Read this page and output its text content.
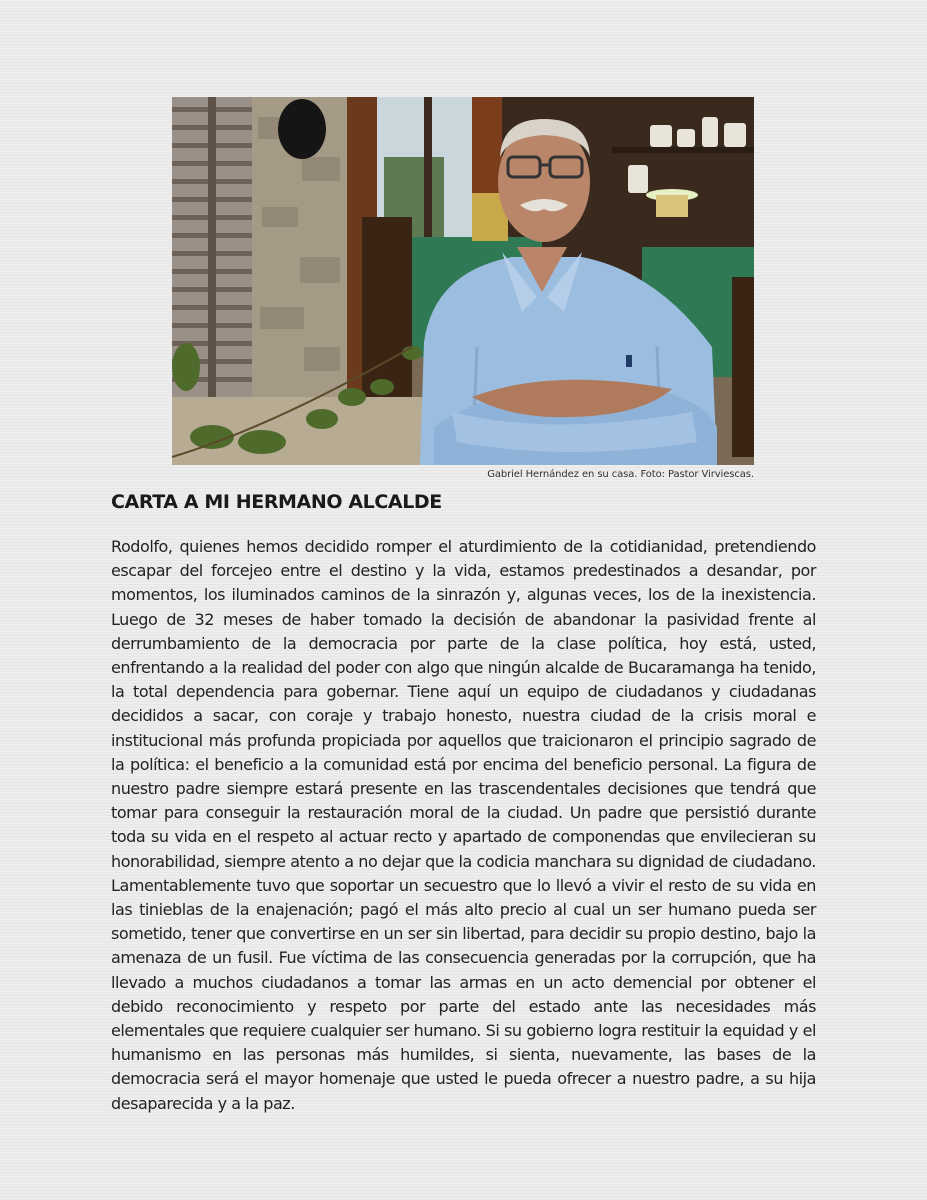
Gabriel Hernández en su casa. Foto: Pastor Virviescas.
CARTA A MI HERMANO ALCALDE

Rodolfo, quienes hemos decidido romper el aturdimiento de la cotidianidad, pretendiendo escapar del forcejeo entre el destino y la vida, estamos predestinados a desandar, por momentos, los iluminados caminos de la sinrazón y, algunas veces, los de la inexistencia. Luego de 32 meses de haber tomado la decisión de abandonar la pasividad frente al derrumbamiento de la democracia por parte de la clase política, hoy está, usted, enfrentando a la realidad del poder con algo que ningún alcalde de Bucaramanga ha tenido, la total dependencia para gobernar. Tiene aquí un equipo de ciudadanos y ciudadanas decididos a sacar, con coraje y trabajo honesto, nuestra ciudad de la crisis moral e institucional más profunda propiciada por aquellos que traicionaron el principio sagrado de la política: el beneficio a la comunidad está por encima del beneficio personal. La figura de nuestro padre siempre estará presente en las trascendentales decisiones que tendrá que tomar para conseguir la restauración moral de la ciudad. Un padre que persistió durante toda su vida en el respeto al actuar recto y apartado de componendas que envilecieran su honorabilidad, siempre atento a no dejar que la codicia manchara su dignidad de ciudadano.

Lamentablemente tuvo que soportar un secuestro que lo llevó a vivir el resto de su vida en las tinieblas de la enajenación; pagó el más alto precio al cual un ser humano pueda ser sometido, tener que convertirse en un ser sin libertad, para decidir su propio destino, bajo la amenaza de un fusil. Fue víctima de las consecuencia generadas por la corrupción, que ha llevado a muchos ciudadanos a tomar las armas en un acto demencial por obtener el debido reconocimiento y respeto por parte del estado ante las necesidades más elementales que requiere cualquier ser humano. Si su gobierno logra restituir la equidad y el humanismo en las personas más humildes, si sienta, nuevamente, las bases de la democracia será el mayor homenaje que usted le pueda ofrecer a nuestro padre, a su hija desaparecida y a la paz.
